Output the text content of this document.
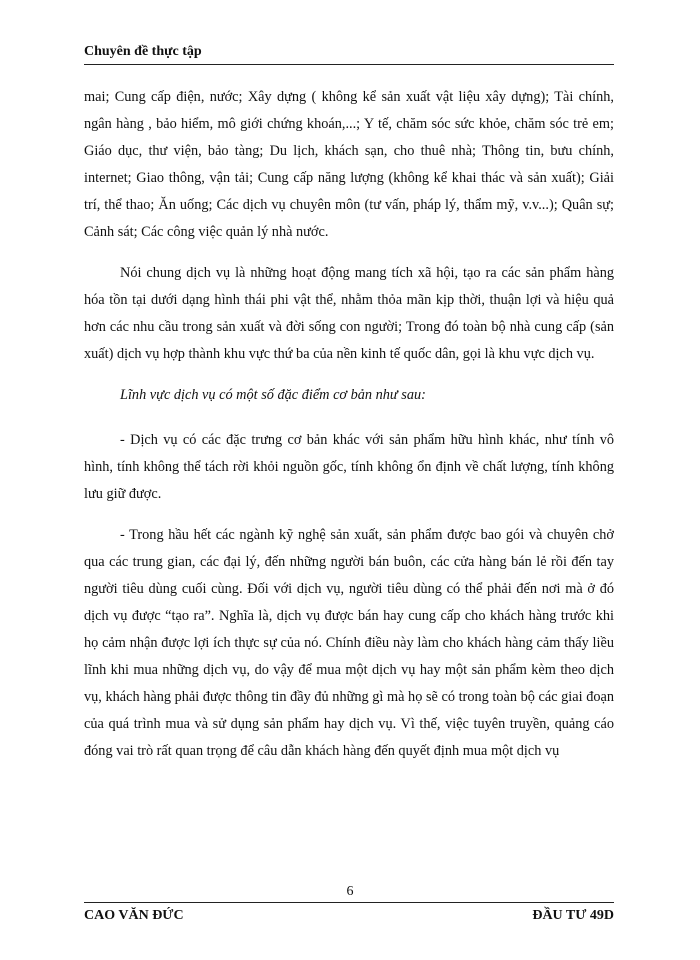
Chuyên đề thực tập

mai; Cung cấp điện, nước; Xây dựng ( không kể sản xuất vật liệu xây dựng); Tài chính, ngân hàng , bảo hiểm, mô giới chứng khoán,...; Y tế, chăm sóc sức khỏe, chăm sóc trẻ em; Giáo dục, thư viện, bảo tàng; Du lịch, khách sạn, cho thuê nhà; Thông tin, bưu chính, internet; Giao thông, vận tải; Cung cấp năng lượng (không kể khai thác và sản xuất); Giải trí, thể thao; Ăn uống; Các dịch vụ chuyên môn (tư vấn, pháp lý, thẩm mỹ, v.v...); Quân sự; Cảnh sát; Các công việc quản lý nhà nước.

Nói chung dịch vụ là những hoạt động mang tích xã hội, tạo ra các sản phẩm hàng hóa tồn tại dưới dạng hình thái phi vật thể, nhằm thỏa mãn kịp thời, thuận lợi và hiệu quả hơn các nhu cầu trong sản xuất và đời sống con người; Trong đó toàn bộ nhà cung cấp (sản xuất) dịch vụ hợp thành khu vực thứ ba của nền kinh tế quốc dân, gọi là khu vực dịch vụ.

Lĩnh vực dịch vụ có một số đặc điểm cơ bản như sau:

- Dịch vụ có các đặc trưng cơ bản khác với sản phẩm hữu hình khác, như tính vô hình, tính không thể tách rời khỏi nguồn gốc, tính không ổn định về chất lượng, tính không lưu giữ được.

- Trong hầu hết các ngành kỹ nghệ sản xuất, sản phẩm được bao gói và chuyên chở qua các trung gian, các đại lý, đến những người bán buôn, các cửa hàng bán lẻ rồi đến tay người tiêu dùng cuối cùng. Đối với dịch vụ, người tiêu dùng có thể phải đến nơi mà ở đó dịch vụ được “tạo ra”. Nghĩa là, dịch vụ được bán hay cung cấp cho khách hàng trước khi họ cảm nhận được lợi ích thực sự của nó. Chính điều này làm cho khách hàng cảm thấy liều lĩnh khi mua những dịch vụ, do vậy để mua một dịch vụ hay một sản phẩm kèm theo dịch vụ, khách hàng phải được thông tin đầy đủ những gì mà họ sẽ có trong toàn bộ các giai đoạn của quá trình mua và sử dụng sản phẩm hay dịch vụ. Vì thế, việc tuyên truyền, quảng cáo đóng vai trò rất quan trọng để câu dẫn khách hàng đến quyết định mua một dịch vụ

6
CAO VĂN ĐỨC	ĐẦU TƯ 49D
